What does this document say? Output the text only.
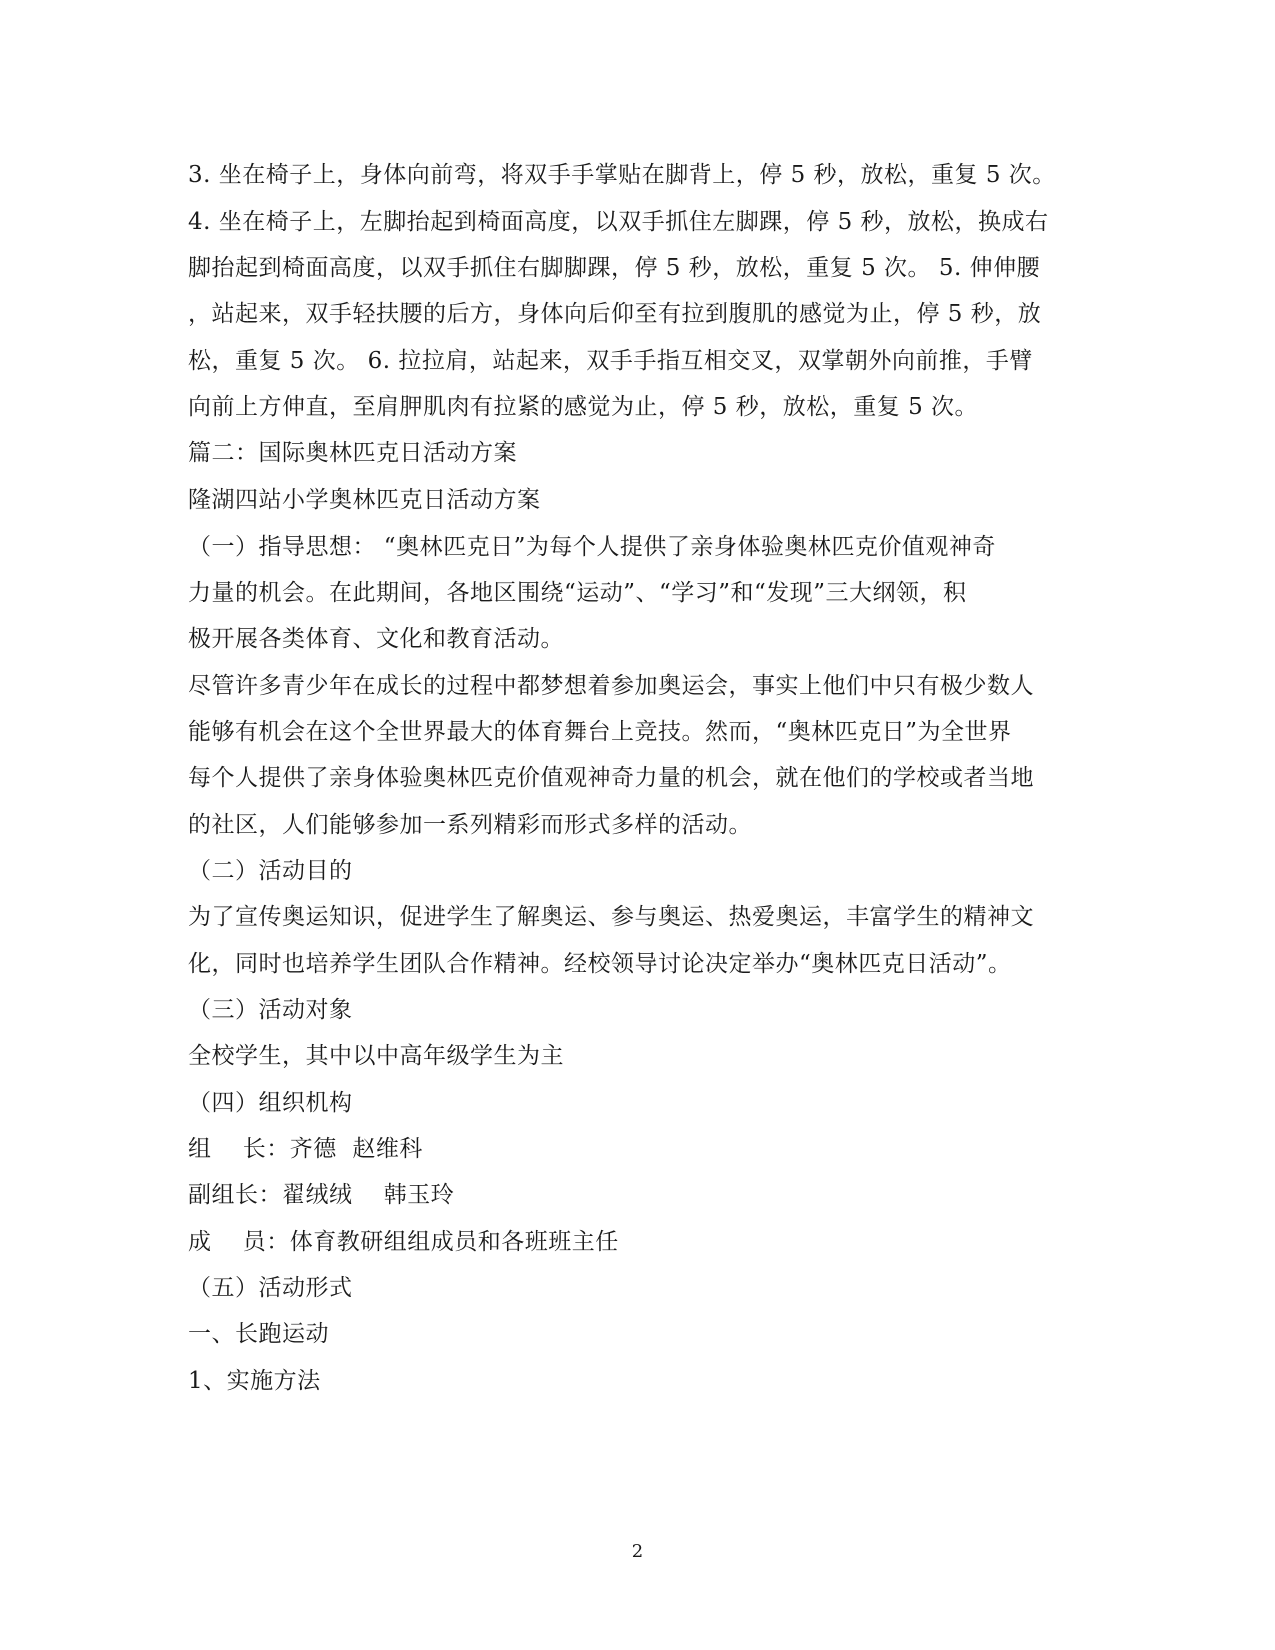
3. 坐在椅子上，身体向前弯，将双手手掌贴在脚背上，停 5 秒，放松，重复 5 次。
4. 坐在椅子上，左脚抬起到椅面高度，以双手抓住左脚踝，停 5 秒，放松，换成右
脚抬起到椅面高度，以双手抓住右脚脚踝，停 5 秒，放松，重复 5 次。 5. 伸伸腰
，站起来，双手轻扶腰的后方，身体向后仰至有拉到腹肌的感觉为止，停 5 秒，放
松，重复 5 次。 6. 拉拉肩，站起来，双手手指互相交叉，双掌朝外向前推，手臂
向前上方伸直，至肩胛肌肉有拉紧的感觉为止，停 5 秒，放松，重复 5 次。
篇二：国际奥林匹克日活动方案
隆湖四站小学奥林匹克日活动方案
（一）指导思想： “奥林匹克日”为每个人提供了亲身体验奥林匹克价值观神奇
力量的机会。在此期间，各地区围绕“运动”、“学习”和“发现”三大纲领，积
极开展各类体育、文化和教育活动。
尽管许多青少年在成长的过程中都梦想着参加奥运会，事实上他们中只有极少数人
能够有机会在这个全世界最大的体育舞台上竞技。然而，“奥林匹克日”为全世界
每个人提供了亲身体验奥林匹克价值观神奇力量的机会，就在他们的学校或者当地
的社区，人们能够参加一系列精彩而形式多样的活动。
（二）活动目的
为了宣传奥运知识，促进学生了解奥运、参与奥运、热爱奥运，丰富学生的精神文
化，同时也培养学生团队合作精神。经校领导讨论决定举办“奥林匹克日活动”。
（三）活动对象
全校学生，其中以中高年级学生为主
（四）组织机构
组    长：齐德  赵维科
副组长：翟绒绒    韩玉玲
成    员：体育教研组组成员和各班班主任
（五）活动形式
一、长跑运动
1、实施方法
2
